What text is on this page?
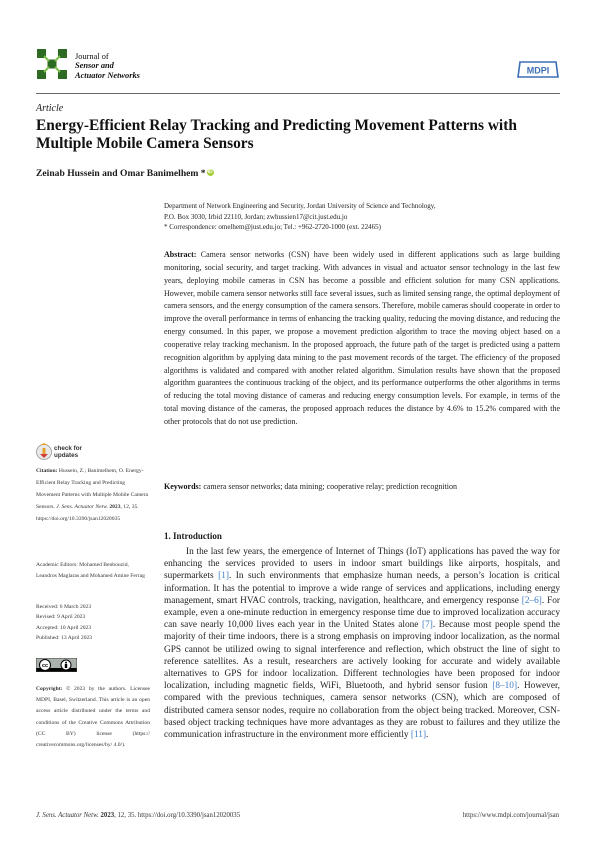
Journal of
Sensor and
Actuator Networks	MDPI
Article
Energy-Efficient Relay Tracking and Predicting Movement Patterns with Multiple Mobile Camera Sensors
Zeinab Hussein and Omar Banimelhem * iD

Department of Network Engineering and Security, Jordan University of Science and Technology,

P.O. Box 3030, Irbid 22110, Jordan; zwhussien17@cit.just.edu.jo

* Correspondence: omelhem@just.edu.jo; Tel.: +962-2720-1000 (ext. 22465)

Abstract: Camera sensor networks (CSN) have been widely used in different applications such as large building monitoring, social security, and target tracking. With advances in visual and actuator sensor technology in the last few years, deploying mobile cameras in CSN has become a possible and efficient solution for many CSN applications. However, mobile camera sensor networks still face several issues, such as limited sensing range, the optimal deployment of camera sensors, and the energy consumption of the camera sensors. Therefore, mobile cameras should cooperate in order to improve the overall performance in terms of enhancing the tracking quality, reducing the moving distance, and reducing the energy consumed. In this paper, we propose a movement prediction algorithm to trace the moving object based on a cooperative relay tracking mechanism. In the proposed approach, the future path of the target is predicted using a pattern recognition algorithm by applying data mining to the past movement records of the target. The efficiency of the proposed algorithms is validated and compared with another related algorithm. Simulation results have shown that the proposed algorithm guarantees the continuous tracking of the object, and its performance outperforms the other algorithms in terms of reducing the total moving distance of cameras and reducing energy consumption levels. For example, in terms of the total moving distance of the cameras, the proposed approach reduces the distance by 4.6% to 15.2% compared with the other protocols that do not use prediction.
Keywords: camera sensor networks; data mining; cooperative relay; prediction recognition
check for
updates
Citation: Hussein, Z.; Banimelhem, O. Energy-Efficient Relay Tracking and Predicting Movement Patterns with Multiple Mobile Camera Sensors. J. Sens. Actuator Netw. 2023, 12, 35. https://doi.org/10.3390/jsan12020035
Academic Editors: Mohamed Benbouzid, Leandros Maglaras and Mohamed Amine Ferrag

Received: 6 March 2023

Revised: 9 April 2023

Accepted: 10 April 2023

Published: 13 April 2023

cc
Copyright: © 2023 by the authors. Licensee MDPI, Basel, Switzerland. This article is an open access article distributed under the terms and conditions of the Creative Commons Attribution (CC BY) license (https:// creativecommons.org/licenses/by/ 4.0/).
1. Introduction
In the last few years, the emergence of Internet of Things (IoT) applications has paved the way for enhancing the services provided to users in indoor smart buildings like airports, hospitals, and supermarkets [1]. In such environments that emphasize human needs, a person’s location is critical information. It has the potential to improve a wide range of services and applications, including energy management, smart HVAC controls, tracking, navigation, healthcare, and emergency response [2–6]. For example, even a one-minute reduction in emergency response time due to improved localization accuracy can save nearly 10,000 lives each year in the United States alone [7]. Because most people spend the majority of their time indoors, there is a strong emphasis on improving indoor localization, as the normal GPS cannot be utilized owing to signal interference and reflection, which obstruct the line of sight to reference satellites. As a result, researchers are actively looking for accurate and widely available alternatives to GPS for indoor localization. Different technologies have been proposed for indoor localization, including magnetic fields, WiFi, Bluetooth, and hybrid sensor fusion [8–10]. However, compared with the previous techniques, camera sensor networks (CSN), which are composed of distributed camera sensor nodes, require no collaboration from the object being tracked. Moreover, CSN-based object tracking techniques have more advantages as they are robust to failures and they utilize the communication infrastructure in the environment more efficiently [11].
J. Sens. Actuator Netw. 2023, 12, 35. https://doi.org/10.3390/jsan12020035	https://www.mdpi.com/journal/jsan
